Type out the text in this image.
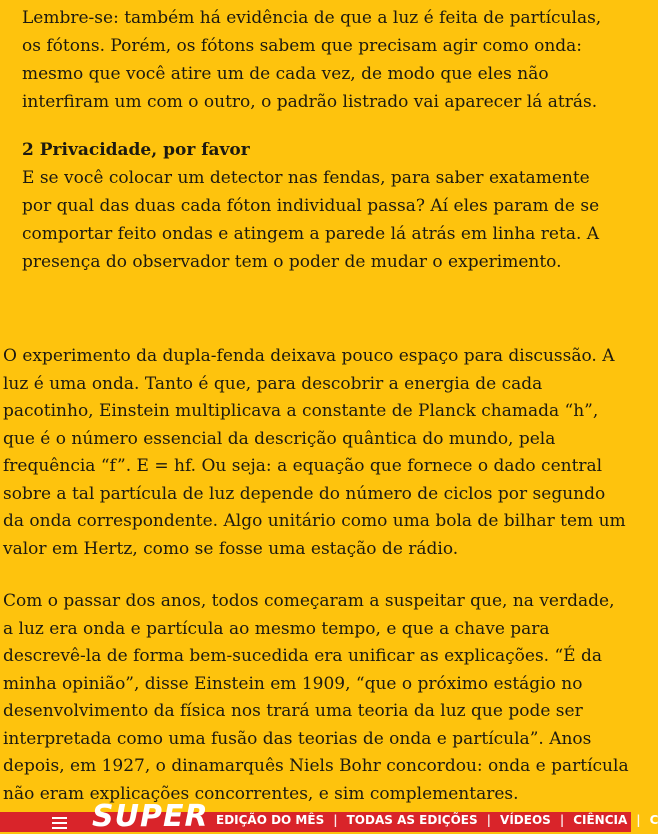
Lembre-se: também há evidência de que a luz é feita de partículas, os fótons. Porém, os fótons sabem que precisam agir como onda: mesmo que você atire um de cada vez, de modo que eles não interfiram um com o outro, o padrão listrado vai aparecer lá atrás.

2 Privacidade, por favor

E se você colocar um detector nas fendas, para saber exatamente por qual das duas cada fóton individual passa? Aí eles param de se comportar feito ondas e atingem a parede lá atrás em linha reta. A presença do observador tem o poder de mudar o experimento.

O experimento da dupla-fenda deixava pouco espaço para discussão. A luz é uma onda. Tanto é que, para descobrir a energia de cada pacotinho, Einstein multiplicava a constante de Planck chamada “h”, que é o número essencial da descrição quântica do mundo, pela frequência “f”. E = hf. Ou seja: a equação que fornece o dado central sobre a tal partícula de luz depende do número de ciclos por segundo da onda correspondente. Algo unitário como uma bola de bilhar tem um valor em Hertz, como se fosse uma estação de rádio.

Com o passar dos anos, todos começaram a suspeitar que, na verdade, a luz era onda e partícula ao mesmo tempo, e que a chave para descrevê-la de forma bem-sucedida era unificar as explicações. “É da minha opinião”, disse Einstein em 1909, “que o próximo estágio no desenvolvimento da física nos trará uma teoria da luz que pode ser interpretada como uma fusão das teorias de onda e partícula”. Anos depois, em 1927, o dinamarquês Niels Bohr concordou: onda e partícula não eram explicações concorrentes, e sim complementares.

SUPER EDIÇÃO DO MÊS | TODAS AS EDIÇÕES | VÍDEOS | CIÊNCIA | C
